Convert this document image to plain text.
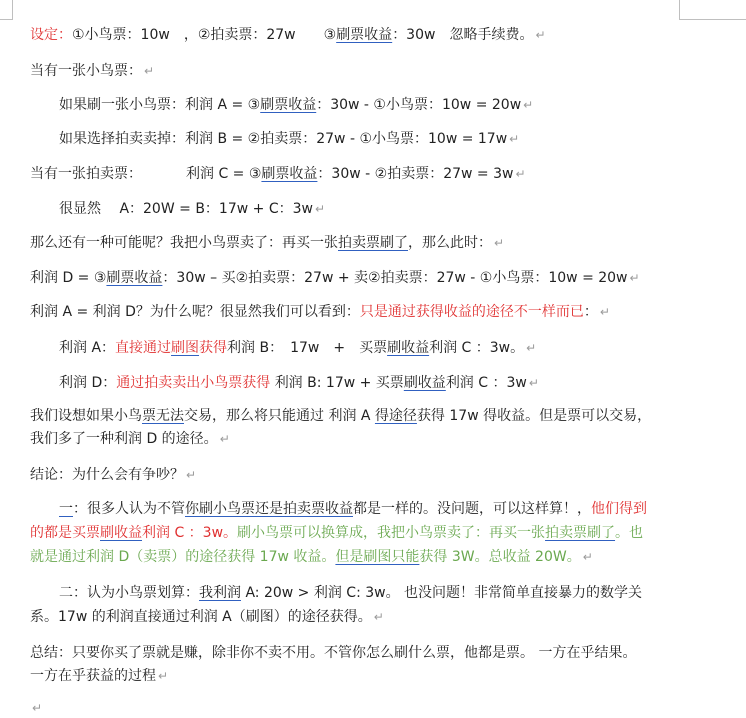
设定：①小鸟票：10w　，②拍卖票：27w　　③刷票收益：30w　忽略手续费。 ↵
当有一张小鸟票： ↵
如果刷一张小鸟票：利润 A = ③刷票收益：30w - ①小鸟票：10w = 20w ↵
如果选择拍卖卖掉：利润 B = ②拍卖票：27w - ①小鸟票：10w = 17w ↵
当有一张拍卖票：	利润 C = ③刷票收益：30w - ②拍卖票：27w = 3w ↵
很显然　 A：20W = B：17w + C：3w ↵
那么还有一种可能呢？我把小鸟票卖了：再买一张拍卖票刷了，那么此时： ↵
利润 D = ③刷票收益：30w – 买②拍卖票：27w + 卖②拍卖票：27w - ①小鸟票：10w = 20w ↵
利润 A = 利润 D？为什么呢？很显然我们可以看到：只是通过获得收益的途径不一样而已： ↵
利润 A：直接通过刷图获得利润 B：　17w　+　买票刷收益利润 C ：3w。 ↵
利润 D：通过拍卖卖出小鸟票获得 利润 B: 17w + 买票刷收益利润 C ：3w ↵
我们设想如果小鸟票无法交易，那么将只能通过 利润 A 得途径获得 17w 得收益。但是票可以交易，
我们多了一种利润 D 的途径。 ↵
结论：为什么会有争吵？ ↵
一：很多人认为不管你刷小鸟票还是拍卖票收益都是一样的。没问题，可以这样算！，他们得到
的都是买票刷收益利润 C ：3w。刷小鸟票可以换算成，我把小鸟票卖了：再买一张拍卖票刷了。也
就是通过利润 D（卖票）的途径获得 17w 收益。但是刷图只能获得 3W。总收益 20W。 ↵
二：认为小鸟票划算：我利润 A: 20w > 利润 C: 3w。 也没问题！非常简单直接暴力的数学关
系。17w 的利润直接通过利润 A（刷图）的途径获得。 ↵
总结：只要你买了票就是赚，除非你不卖不用。不管你怎么刷什么票，他都是票。 一方在乎结果。
一方在乎获益的过程 ↵
↵
